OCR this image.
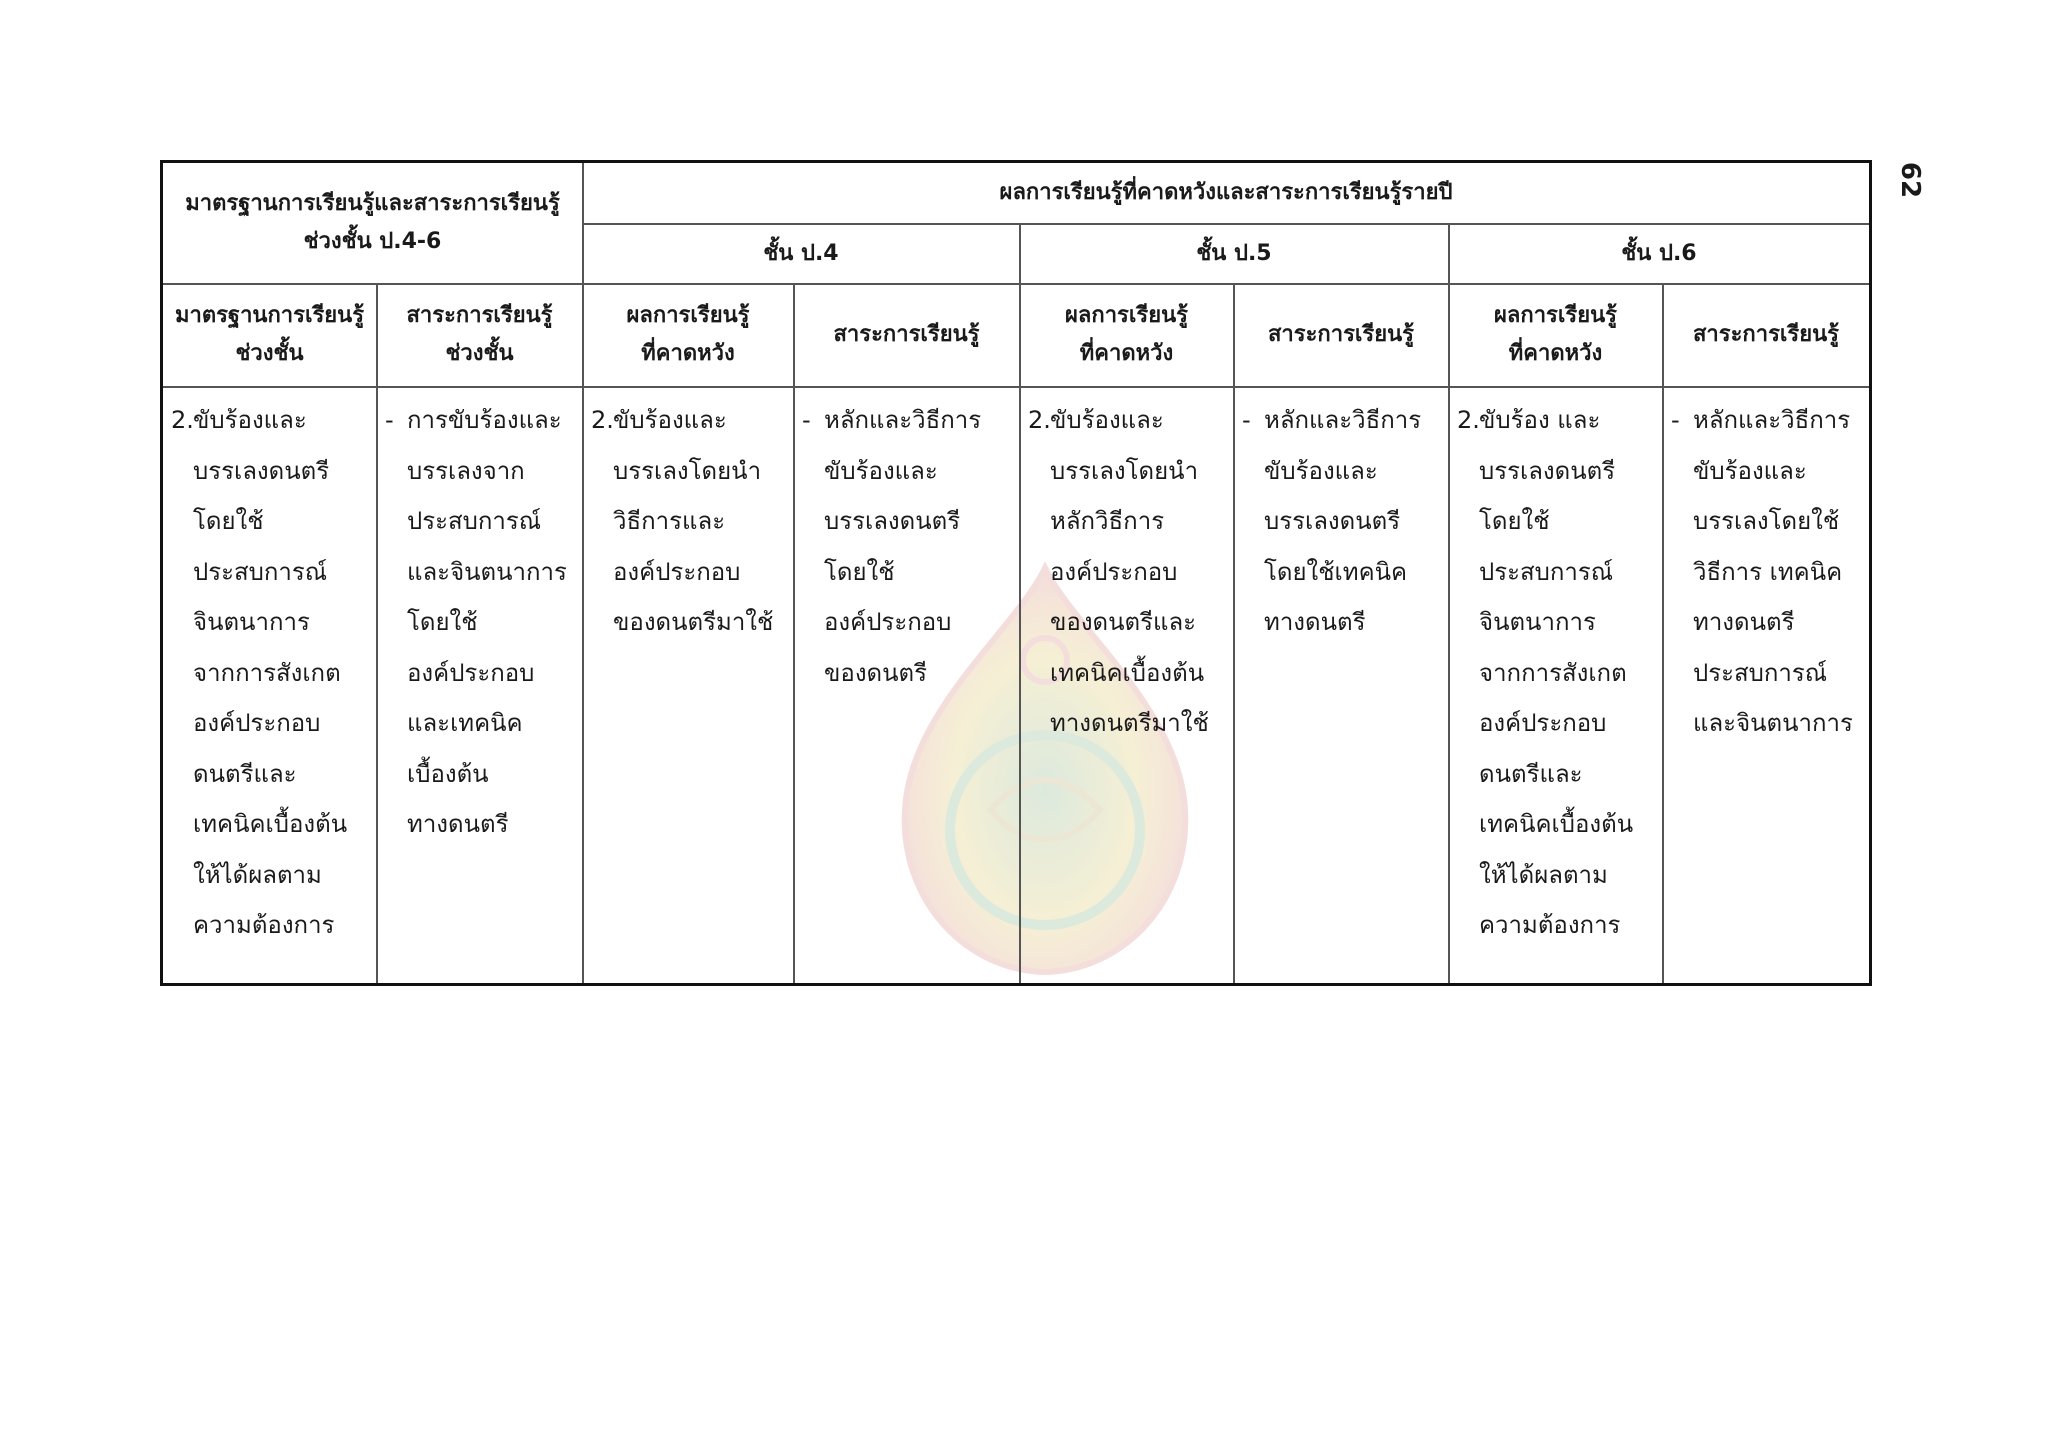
62
มาตรฐานการเรียนรู้และสาระการเรียนรู้
ช่วงชั้น ป.4-6
ผลการเรียนรู้ที่คาดหวังและสาระการเรียนรู้รายปี
ชั้น ป.4	ชั้น ป.5	ชั้น ป.6
มาตรฐานการเรียนรู้
ช่วงชั้น
สาระการเรียนรู้
ช่วงชั้น
ผลการเรียนรู้
ที่คาดหวัง
สาระการเรียนรู้
ผลการเรียนรู้
ที่คาดหวัง
สาระการเรียนรู้
ผลการเรียนรู้
ที่คาดหวัง
สาระการเรียนรู้
2. ขับร้องและ
บรรเลงดนตรี
โดยใช้
ประสบการณ์
จินตนาการ
จากการสังเกต
องค์ประกอบ
ดนตรีและ
เทคนิคเบื้องต้น
ให้ได้ผลตาม
ความต้องการ
- การขับร้องและ
บรรเลงจาก
ประสบการณ์
และจินตนาการ
โดยใช้
องค์ประกอบ
และเทคนิค
เบื้องต้น
ทางดนตรี
2. ขับร้องและ
บรรเลงโดยนำ
วิธีการและ
องค์ประกอบ
ของดนตรีมาใช้
- หลักและวิธีการ
ขับร้องและ
บรรเลงดนตรี
โดยใช้
องค์ประกอบ
ของดนตรี
2. ขับร้องและ
บรรเลงโดยนำ
หลักวิธีการ
องค์ประกอบ
ของดนตรีและ
เทคนิคเบื้องต้น
ทางดนตรีมาใช้
- หลักและวิธีการ
ขับร้องและ
บรรเลงดนตรี
โดยใช้เทคนิค
ทางดนตรี
2. ขับร้อง และ
บรรเลงดนตรี
โดยใช้
ประสบการณ์
จินตนาการ
จากการสังเกต
องค์ประกอบ
ดนตรีและ
เทคนิคเบื้องต้น
ให้ได้ผลตาม
ความต้องการ
- หลักและวิธีการ
ขับร้องและ
บรรเลงโดยใช้
วิธีการ เทคนิค
ทางดนตรี
ประสบการณ์
และจินตนาการ
